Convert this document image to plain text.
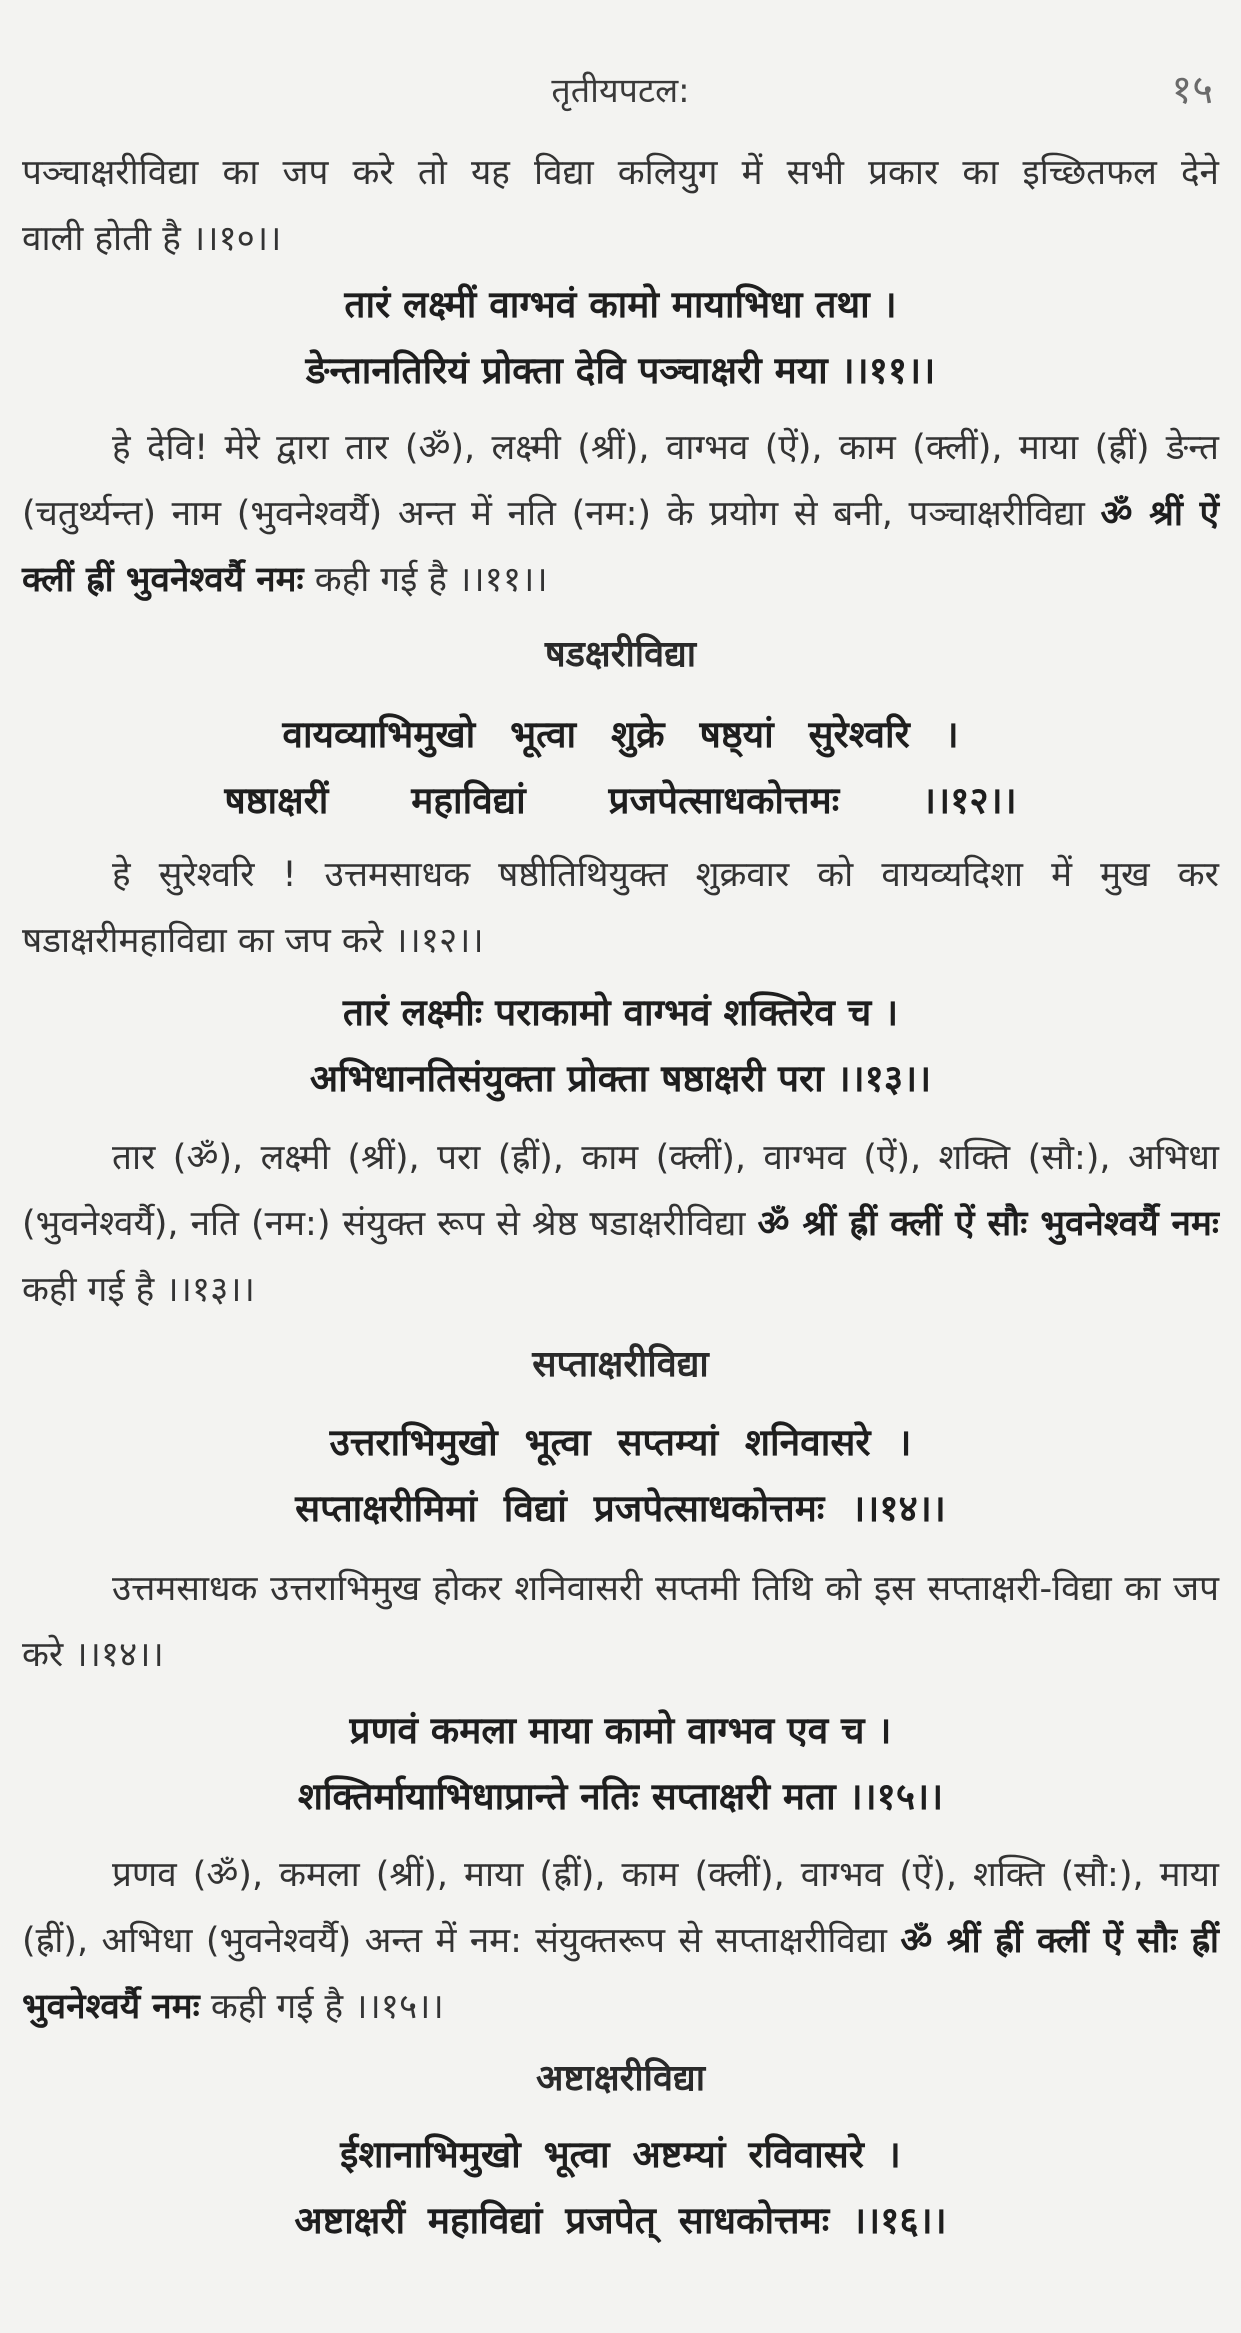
तृतीयपटल:	१५

पञ्चाक्षरीविद्या का जप करे तो यह विद्या कलियुग में सभी प्रकार का इच्छितफल देने

वाली होती है ।।१०।।

तारं लक्ष्मीं वाग्भवं कामो मायाभिधा तथा ।
ङेन्तानतिरियं प्रोक्ता देवि पञ्चाक्षरी मया ।।११।।

हे देवि! मेरे द्वारा तार (ॐ), लक्ष्मी (श्रीं), वाग्भव (ऐं), काम (क्लीं), माया (ह्रीं) ङेन्त (चतुर्थ्यन्त) नाम (भुवनेश्वर्यै) अन्त में नति (नम:) के प्रयोग से बनी, पञ्चाक्षरीविद्या ॐ श्रीं ऐं क्लीं ह्रीं भुवनेश्वर्यै नमः कही गई है ।।११।।

षडक्षरीविद्या
वायव्याभिमुखो भूत्वा शुक्रे षष्ठ्यां सुरेश्वरि ।
षष्ठाक्षरीं महाविद्यां प्रजपेत्साधकोत्तमः ।।१२।।

हे सुरेश्वरि ! उत्तमसाधक षष्ठीतिथियुक्त शुक्रवार को वायव्यदिशा में मुख कर षडाक्षरीमहाविद्या का जप करे ।।१२।।

तारं लक्ष्मीः पराकामो वाग्भवं शक्तिरेव च ।
अभिधानतिसंयुक्ता प्रोक्ता षष्ठाक्षरी परा ।।१३।।

तार (ॐ), लक्ष्मी (श्रीं), परा (ह्रीं), काम (क्लीं), वाग्भव (ऐं), शक्ति (सौ:), अभिधा (भुवनेश्वर्यै), नति (नम:) संयुक्त रूप से श्रेष्ठ षडाक्षरीविद्या ॐ श्रीं ह्रीं क्लीं ऐं सौः भुवनेश्वर्यै नमः कही गई है ।।१३।।

सप्ताक्षरीविद्या
उत्तराभिमुखो भूत्वा सप्तम्यां शनिवासरे ।
सप्ताक्षरीमिमां विद्यां प्रजपेत्साधकोत्तमः ।।१४।।

उत्तमसाधक उत्तराभिमुख होकर शनिवासरी सप्तमी तिथि को इस सप्ताक्षरी-विद्या का जप करे ।।१४।।

प्रणवं कमला माया कामो वाग्भव एव च ।
शक्तिर्मायाभिधाप्रान्ते नतिः सप्ताक्षरी मता ।।१५।।

प्रणव (ॐ), कमला (श्रीं), माया (ह्रीं), काम (क्लीं), वाग्भव (ऐं), शक्ति (सौ:), माया (ह्रीं), अभिधा (भुवनेश्वर्यै) अन्त में नम: संयुक्तरूप से सप्ताक्षरीविद्या ॐ श्रीं ह्रीं क्लीं ऐं सौः ह्रीं भुवनेश्वर्यै नमः कही गई है ।।१५।।

अष्टाक्षरीविद्या
ईशानाभिमुखो भूत्वा अष्टम्यां रविवासरे ।
अष्टाक्षरीं महाविद्यां प्रजपेत् साधकोत्तमः ।।१६।।
